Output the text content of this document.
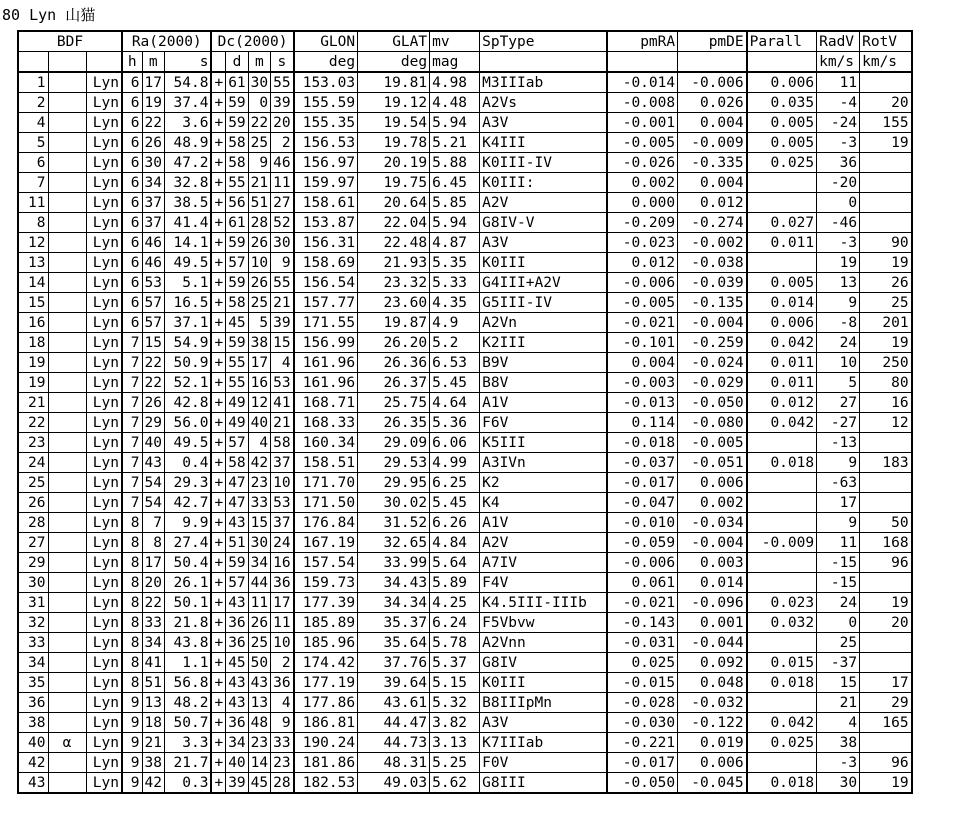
80 Lyn 山猫
BDF			Ra(2000)			Dc(2000)				GLON	GLAT	mv	SpType	pmRA	pmDE	Parall	RadV	RotV
			h	m	s		d	m	s	deg	deg	mag					km/s	km/s
1		Lyn	6	17	54.8	+	61	30	55	153.03	19.81	4.98	M3IIIab	-0.014	-0.006	0.006	11	
2		Lyn	6	19	37.4	+	59	0	39	155.59	19.12	4.48	A2Vs	-0.008	0.026	0.035	-4	20
4		Lyn	6	22	3.6	+	59	22	20	155.35	19.54	5.94	A3V	-0.001	0.004	0.005	-24	155
5		Lyn	6	26	48.9	+	58	25	2	156.53	19.78	5.21	K4III	-0.005	-0.009	0.005	-3	19
6		Lyn	6	30	47.2	+	58	9	46	156.97	20.19	5.88	K0III-IV	-0.026	-0.335	0.025	36	
7		Lyn	6	34	32.8	+	55	21	11	159.97	19.75	6.45	K0III:	0.002	0.004		-20	
11		Lyn	6	37	38.5	+	56	51	27	158.61	20.64	5.85	A2V	0.000	0.012		0	
8		Lyn	6	37	41.4	+	61	28	52	153.87	22.04	5.94	G8IV-V	-0.209	-0.274	0.027	-46	
12		Lyn	6	46	14.1	+	59	26	30	156.31	22.48	4.87	A3V	-0.023	-0.002	0.011	-3	90
13		Lyn	6	46	49.5	+	57	10	9	158.69	21.93	5.35	K0III	0.012	-0.038		19	19
14		Lyn	6	53	5.1	+	59	26	55	156.54	23.32	5.33	G4III+A2V	-0.006	-0.039	0.005	13	26
15		Lyn	6	57	16.5	+	58	25	21	157.77	23.60	4.35	G5III-IV	-0.005	-0.135	0.014	9	25
16		Lyn	6	57	37.1	+	45	5	39	171.55	19.87	4.9	A2Vn	-0.021	-0.004	0.006	-8	201
18		Lyn	7	15	54.9	+	59	38	15	156.99	26.20	5.2	K2III	-0.101	-0.259	0.042	24	19
19		Lyn	7	22	50.9	+	55	17	4	161.96	26.36	6.53	B9V	0.004	-0.024	0.011	10	250
19		Lyn	7	22	52.1	+	55	16	53	161.96	26.37	5.45	B8V	-0.003	-0.029	0.011	5	80
21		Lyn	7	26	42.8	+	49	12	41	168.71	25.75	4.64	A1V	-0.013	-0.050	0.012	27	16
22		Lyn	7	29	56.0	+	49	40	21	168.33	26.35	5.36	F6V	0.114	-0.080	0.042	-27	12
23		Lyn	7	40	49.5	+	57	4	58	160.34	29.09	6.06	K5III	-0.018	-0.005		-13	
24		Lyn	7	43	0.4	+	58	42	37	158.51	29.53	4.99	A3IVn	-0.037	-0.051	0.018	9	183
25		Lyn	7	54	29.3	+	47	23	10	171.70	29.95	6.25	K2	-0.017	0.006		-63	
26		Lyn	7	54	42.7	+	47	33	53	171.50	30.02	5.45	K4	-0.047	0.002		17	
28		Lyn	8	7	9.9	+	43	15	37	176.84	31.52	6.26	A1V	-0.010	-0.034		9	50
27		Lyn	8	8	27.4	+	51	30	24	167.19	32.65	4.84	A2V	-0.059	-0.004	-0.009	11	168
29		Lyn	8	17	50.4	+	59	34	16	157.54	33.99	5.64	A7IV	-0.006	0.003		-15	96
30		Lyn	8	20	26.1	+	57	44	36	159.73	34.43	5.89	F4V	0.061	0.014		-15	
31		Lyn	8	22	50.1	+	43	11	17	177.39	34.34	4.25	K4.5III-IIIb	-0.021	-0.096	0.023	24	19
32		Lyn	8	33	21.8	+	36	26	11	185.89	35.37	6.24	F5Vbvw	-0.143	0.001	0.032	0	20
33		Lyn	8	34	43.8	+	36	25	10	185.96	35.64	5.78	A2Vnn	-0.031	-0.044		25	
34		Lyn	8	41	1.1	+	45	50	2	174.42	37.76	5.37	G8IV	0.025	0.092	0.015	-37	
35		Lyn	8	51	56.8	+	43	43	36	177.19	39.64	5.15	K0III	-0.015	0.048	0.018	15	17
36		Lyn	9	13	48.2	+	43	13	4	177.86	43.61	5.32	B8IIIpMn	-0.028	-0.032		21	29
38		Lyn	9	18	50.7	+	36	48	9	186.81	44.47	3.82	A3V	-0.030	-0.122	0.042	4	165
40	α	Lyn	9	21	3.3	+	34	23	33	190.24	44.73	3.13	K7IIIab	-0.221	0.019	0.025	38	
42		Lyn	9	38	21.7	+	40	14	23	181.86	48.31	5.25	F0V	-0.017	0.006		-3	96
43		Lyn	9	42	0.3	+	39	45	28	182.53	49.03	5.62	G8III	-0.050	-0.045	0.018	30	19
